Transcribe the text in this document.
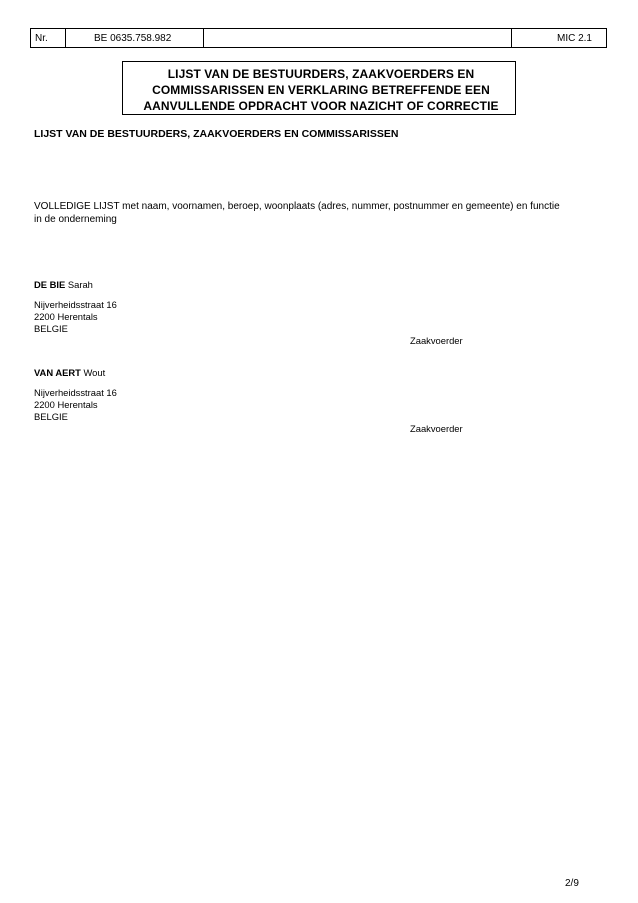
Nr.	BE 0635.758.982	MIC 2.1
LIJST VAN DE BESTUURDERS, ZAAKVOERDERS EN
COMMISSARISSEN EN VERKLARING BETREFFENDE EEN
AANVULLENDE OPDRACHT VOOR NAZICHT OF CORRECTIE
LIJST VAN DE BESTUURDERS, ZAAKVOERDERS EN COMMISSARISSEN
VOLLEDIGE LIJST met naam, voornamen, beroep, woonplaats (adres, nummer, postnummer en gemeente) en functie
in de onderneming
DE BIE Sarah
Nijverheidsstraat 16
2200 Herentals
BELGIE
Zaakvoerder
VAN AERT Wout
Nijverheidsstraat 16
2200 Herentals
BELGIE
Zaakvoerder
2/9
